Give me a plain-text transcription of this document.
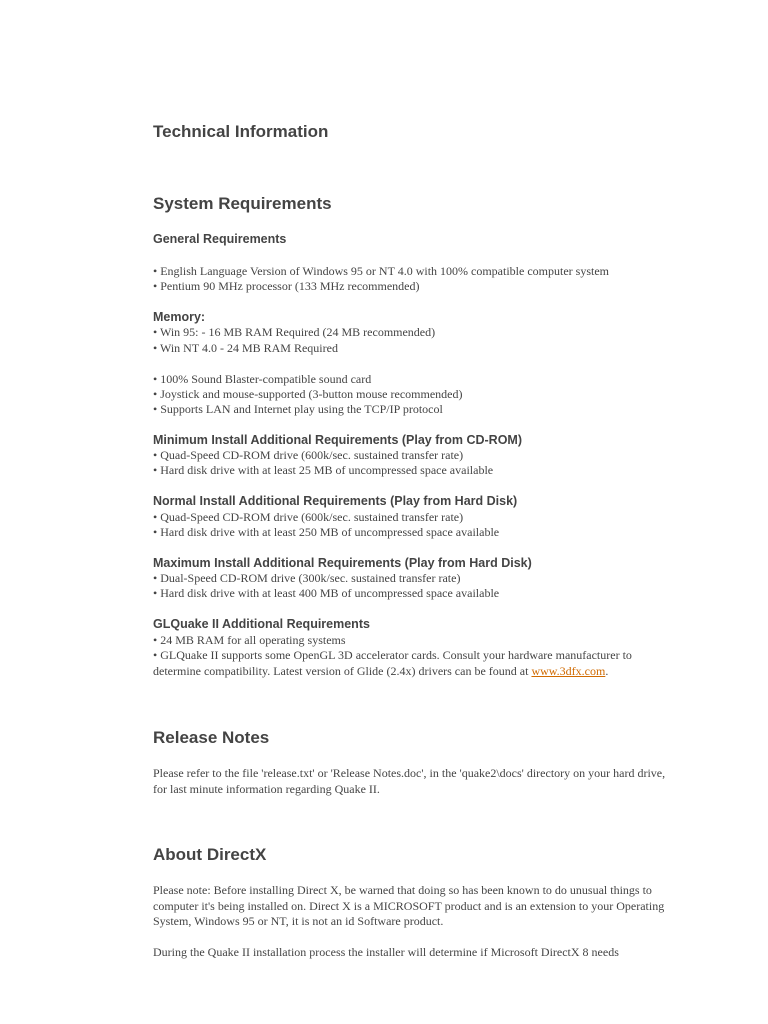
Technical Information
System Requirements
General Requirements

• English Language Version of Windows 95 or NT 4.0 with 100% compatible computer system

• Pentium 90 MHz processor (133 MHz recommended)

Memory:

• Win 95: - 16 MB RAM Required (24 MB recommended)

• Win NT 4.0 - 24 MB RAM Required

• 100% Sound Blaster-compatible sound card

• Joystick and mouse-supported (3-button mouse recommended)

• Supports LAN and Internet play using the TCP/IP protocol

Minimum Install Additional Requirements (Play from CD-ROM)

• Quad-Speed CD-ROM drive (600k/sec. sustained transfer rate)

• Hard disk drive with at least 25 MB of uncompressed space available

Normal Install Additional Requirements (Play from Hard Disk)

• Quad-Speed CD-ROM drive (600k/sec. sustained transfer rate)

• Hard disk drive with at least 250 MB of uncompressed space available

Maximum Install Additional Requirements (Play from Hard Disk)

• Dual-Speed CD-ROM drive (300k/sec. sustained transfer rate)

• Hard disk drive with at least 400 MB of uncompressed space available

GLQuake II Additional Requirements

• 24 MB RAM for all operating systems

• GLQuake II supports some OpenGL 3D accelerator cards. Consult your hardware manufacturer to determine compatibility. Latest version of Glide (2.4x) drivers can be found at www.3dfx.com.

Release Notes

Please refer to the file 'release.txt' or 'Release Notes.doc', in the 'quake2\docs' directory on your hard drive, for last minute information regarding Quake II.

About DirectX

Please note: Before installing Direct X, be warned that doing so has been known to do unusual things to computer it's being installed on. Direct X is a MICROSOFT product and is an extension to your Operating System, Windows 95 or NT, it is not an id Software product.

During the Quake II installation process the installer will determine if Microsoft DirectX 8 needs
